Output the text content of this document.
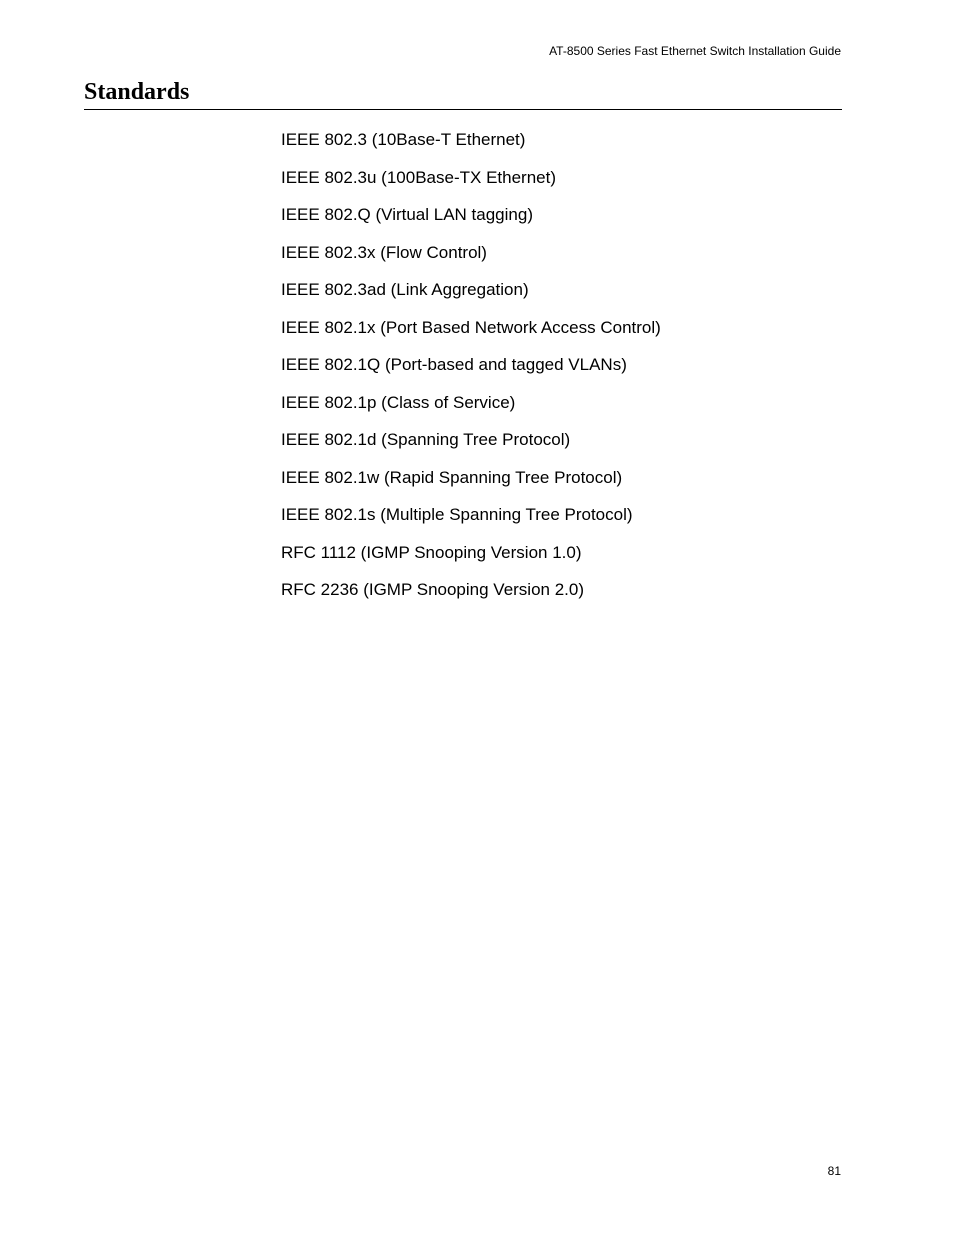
AT-8500 Series Fast Ethernet Switch Installation Guide
Standards
IEEE 802.3 (10Base-T Ethernet)
IEEE 802.3u (100Base-TX Ethernet)
IEEE 802.Q (Virtual LAN tagging)
IEEE 802.3x (Flow Control)
IEEE 802.3ad (Link Aggregation)
IEEE 802.1x (Port Based Network Access Control)
IEEE 802.1Q (Port-based and tagged VLANs)
IEEE 802.1p (Class of Service)
IEEE 802.1d (Spanning Tree Protocol)
IEEE 802.1w (Rapid Spanning Tree Protocol)
IEEE 802.1s (Multiple Spanning Tree Protocol)
RFC 1112 (IGMP Snooping Version 1.0)
RFC 2236 (IGMP Snooping Version 2.0)
81
